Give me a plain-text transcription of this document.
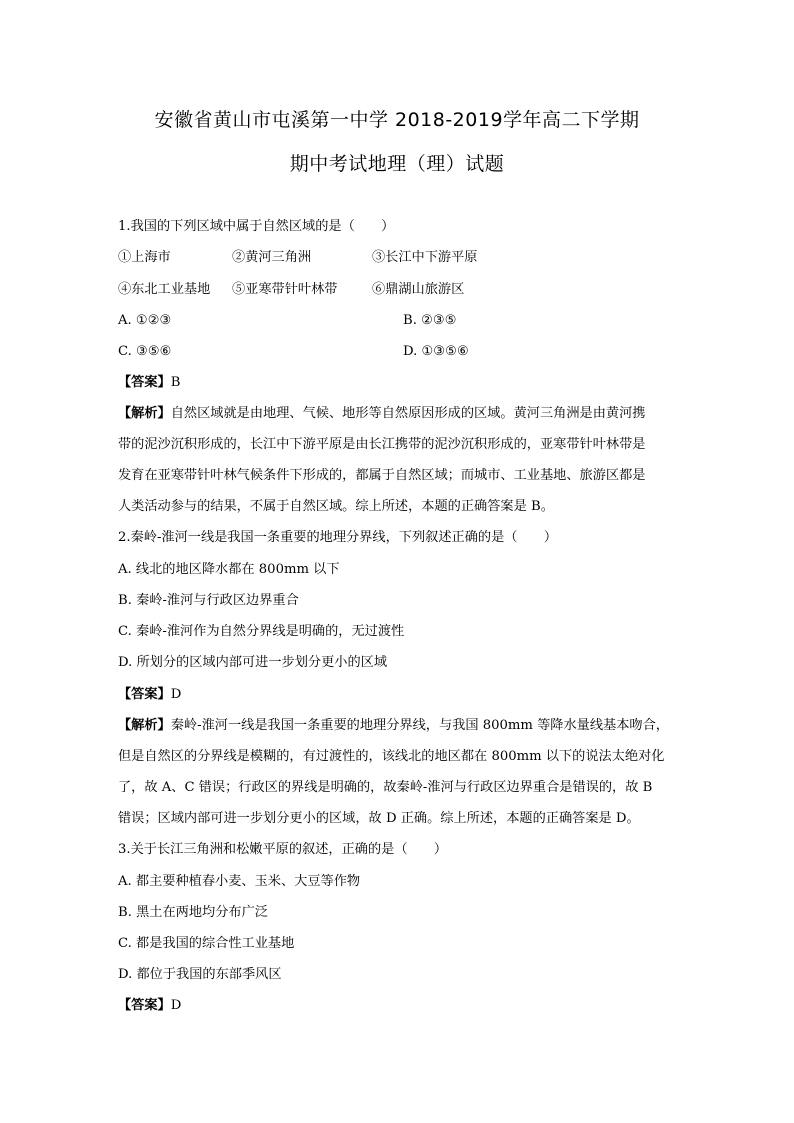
安徽省黄山市屯溪第一中学 2018-2019学年高二下学期
期中考试地理（理）试题
1.我国的下列区域中属于自然区域的是（　　）
①上海市	②黄河三角洲	③长江中下游平原
④东北工业基地 ⑤亚寒带针叶林带	⑥鼎湖山旅游区
A. ①②③	B. ②③⑤
C. ③⑤⑥	D. ①③⑤⑥
【答案】B
【解析】自然区域就是由地理、气候、地形等自然原因形成的区域。黄河三角洲是由黄河携
带的泥沙沉积形成的，长江中下游平原是由长江携带的泥沙沉积形成的，亚寒带针叶林带是
发育在亚寒带针叶林气候条件下形成的，都属于自然区域；而城市、工业基地、旅游区都是
人类活动参与的结果，不属于自然区域。综上所述，本题的正确答案是 B。
2.秦岭-淮河一线是我国一条重要的地理分界线，下列叙述正确的是（　　）
A. 线北的地区降水都在 800mm 以下
B. 秦岭-淮河与行政区边界重合
C. 秦岭-淮河作为自然分界线是明确的，无过渡性
D. 所划分的区域内部可进一步划分更小的区域
【答案】D
【解析】秦岭-淮河一线是我国一条重要的地理分界线，与我国 800mm 等降水量线基本吻合，
但是自然区的分界线是模糊的，有过渡性的，该线北的地区都在 800mm 以下的说法太绝对化
了，故 A、C 错误；行政区的界线是明确的，故秦岭-淮河与行政区边界重合是错误的，故 B
错误；区域内部可进一步划分更小的区域，故 D 正确。综上所述，本题的正确答案是 D。
3.关于长江三角洲和松嫩平原的叙述，正确的是（　　）
A. 都主要种植春小麦、玉米、大豆等作物
B. 黑土在两地均分布广泛
C. 都是我国的综合性工业基地
D. 都位于我国的东部季风区
【答案】D
